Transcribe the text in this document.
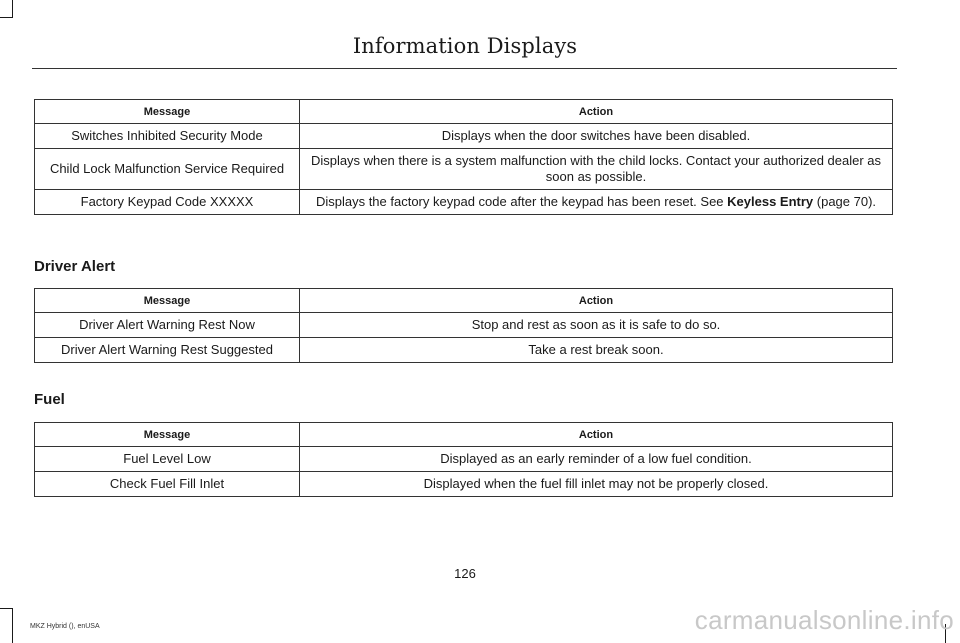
Information Displays
Message	Action
Switches Inhibited Security Mode	Displays when the door switches have been disabled.
Child Lock Malfunction Service Required	Displays when there is a system malfunction with the child locks. Contact your authorized dealer as soon as possible.
Factory Keypad Code XXXXX	Displays the factory keypad code after the keypad has been reset. See Keyless Entry (page 70).
Driver Alert
Message	Action
Driver Alert Warning Rest Now	Stop and rest as soon as it is safe to do so.
Driver Alert Warning Rest Suggested	Take a rest break soon.
Fuel
Message	Action
Fuel Level Low	Displayed as an early reminder of a low fuel condition.
Check Fuel Fill Inlet	Displayed when the fuel fill inlet may not be properly closed.
126
MKZ Hybrid (), enUSA	carmanualsonline.info
